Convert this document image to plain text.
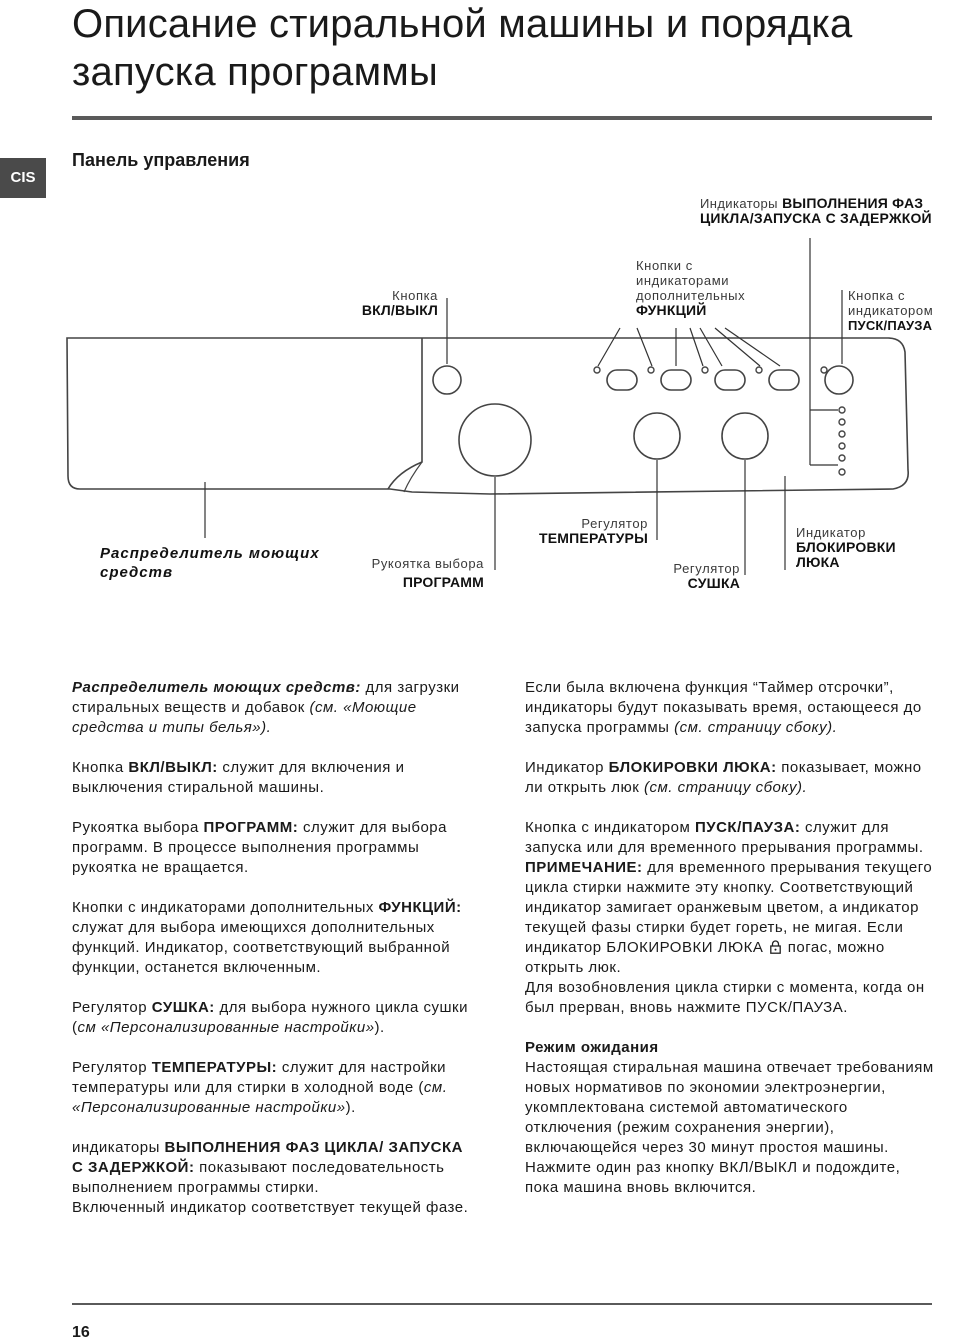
Описание стиральной машины и порядка запуска программы
CIS
Панель управления
Индикаторы ВЫПОЛНЕНИЯ ФАЗ ЦИКЛА/ЗАПУСКА С ЗАДЕРЖКОЙ
Кнопка
ВКЛ/ВЫКЛ
Кнопки с индикаторами дополнительных
ФУНКЦИЙ
Кнопка с индикатором
ПУСК/ПАУЗА
Распределитель моющих средств
Рукоятка выбора
ПРОГРАММ
Регулятор
ТЕМПЕРАТУРЫ
Регулятор
СУШКА
Индикатор
БЛОКИРОВКИ ЛЮКА

Распределитель моющих средств: для загрузки стиральных веществ и добавок (см. «Моющие средства и типы белья»).

Кнопка ВКЛ/ВЫКЛ: служит для включения и выключения стиральной машины.

Рукоятка выбора ПРОГРАММ: служит для выбора программ. В процессе выполнения программы рукоятка не вращается.

Кнопки с индикаторами дополнительных ФУНКЦИЙ: служат для выбора имеющихся дополнительных функций. Индикатор, соответствующий выбранной функции, останется включенным.

Регулятор СУШКА: для выбора нужного цикла сушки (см «Персонализированные настройки»).

Регулятор ТЕМПЕРАТУРЫ: служит для настройки температуры или для стирки в холодной воде (см. «Персонализированные настройки»).

индикаторы ВЫПОЛНЕНИЯ ФАЗ ЦИКЛА/ ЗАПУСКА С ЗАДЕРЖКОЙ: показывают последовательность выполнением программы стирки.
Включенный индикатор соответствует текущей фазе.

Если была включена функция “Таймер отсрочки”, индикаторы будут показывать время, остающееся до запуска программы (см. страницу сбоку).

Индикатор БЛОКИРОВКИ ЛЮКА: показывает, можно ли открыть люк (см. страницу сбоку).

Кнопка с индикатором ПУСК/ПАУЗА: служит для запуска или для временного прерывания программы.
ПРИМЕЧАНИЕ: для временного прерывания текущего цикла стирки нажмите эту кнопку. Соответствующий индикатор замигает оранжевым цветом, а индикатор текущей фазы стирки будет гореть, не мигая. Если индикатор БЛОКИРОВКИ ЛЮКА  погас, можно открыть люк.
Для возобновления цикла стирки с момента, когда он был прерван, вновь нажмите ПУСК/ПАУЗА.

Режим ожидания

Настоящая стиральная машина отвечает требованиям новых нормативов по экономии электроэнергии, укомплектована системой автоматического отключения (режим сохранения энергии), включающейся через 30 минут простоя машины. Нажмите один раз кнопку ВКЛ/ВЫКЛ и подождите, пока машина вновь включится.

16
